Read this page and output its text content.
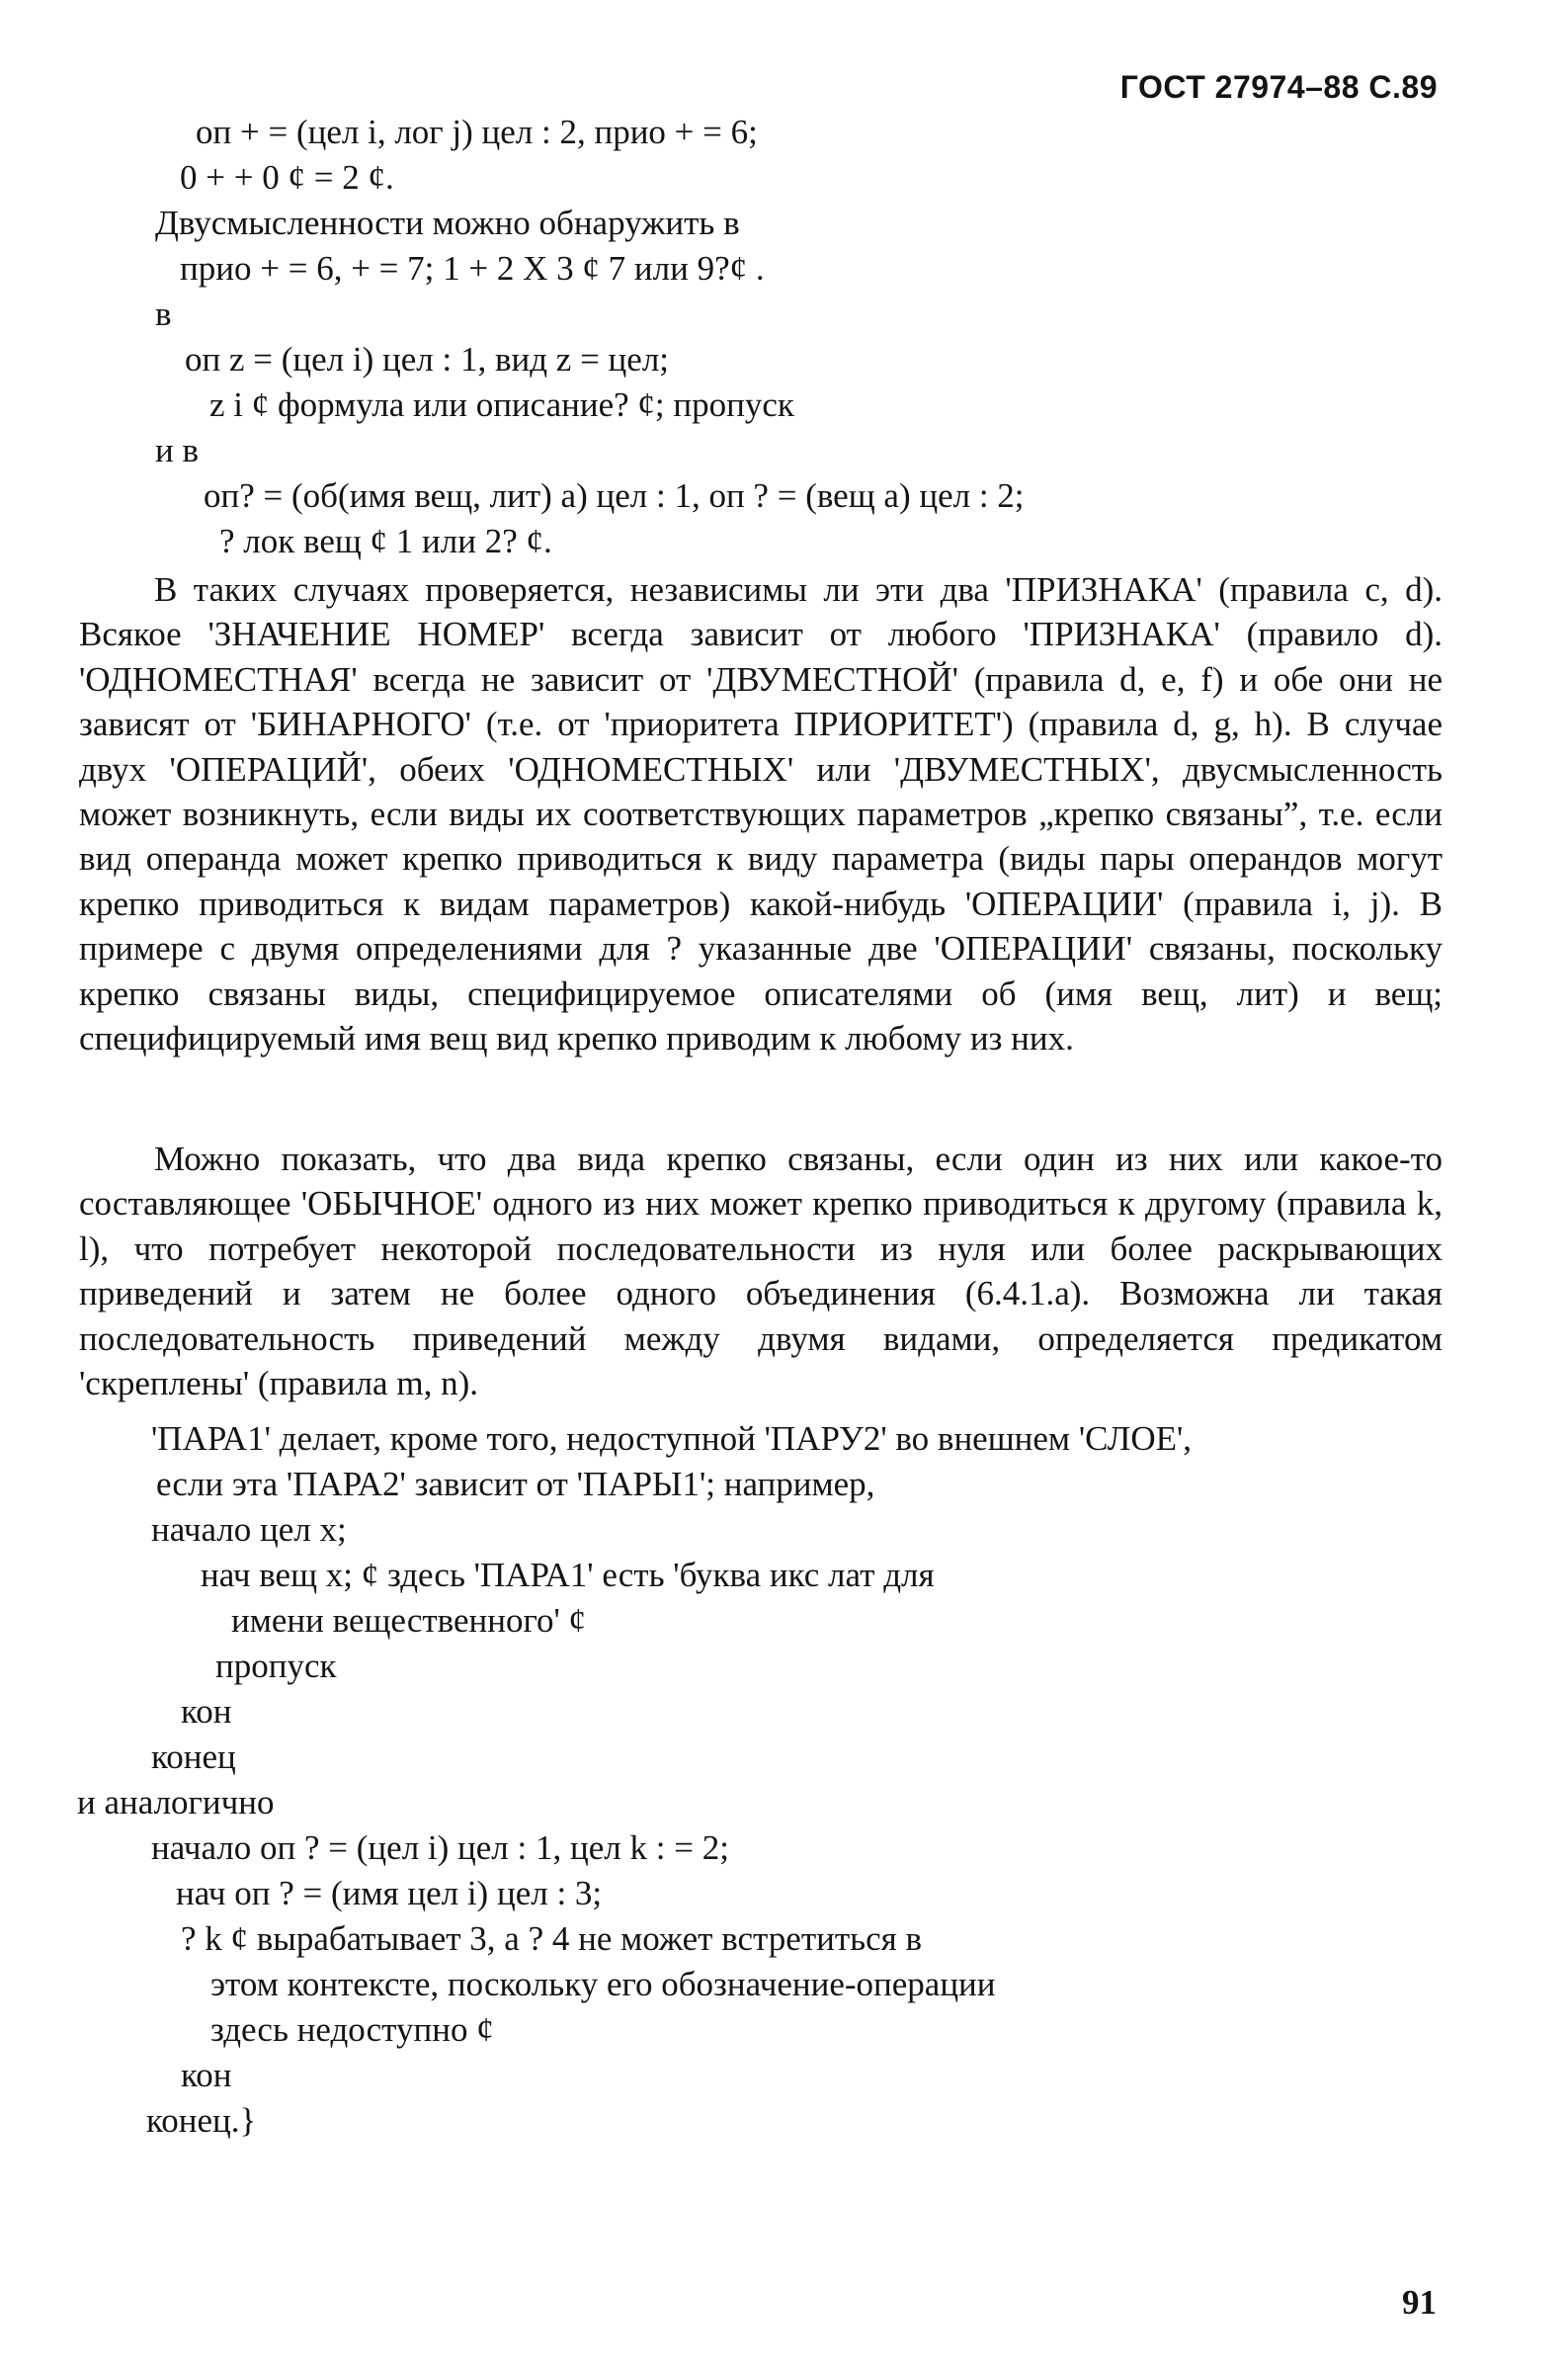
ГОСТ 27974–88 С.89
оп + = (цел i, лог j) цел : 2, прио + = 6;
0 + + 0 ¢ = 2 ¢.
Двусмысленности можно обнаружить в
прио + = 6, + = 7; 1 + 2 X 3 ¢ 7 или 9?¢ .
в
оп z = (цел i) цел : 1, вид z = цел;
z i ¢ формула или описание? ¢; пропуск
и в
оп? = (об(имя вещ, лит) а) цел : 1, оп ? = (вещ а) цел : 2;
? лок вещ ¢ 1 или 2? ¢.

В таких случаях проверяется, независимы ли эти два 'ПРИЗНАКА' (правила с, d). Всякое 'ЗНАЧЕНИЕ НОМЕР' всегда зависит от любого 'ПРИЗНАКА' (правило d). 'ОДНОМЕСТНАЯ' всегда не зависит от 'ДВУМЕСТНОЙ' (правила d, e, f) и обе они не зависят от 'БИНАРНОГО' (т.е. от 'приоритета ПРИОРИТЕТ') (правила d, g, h). В случае двух 'ОПЕРАЦИЙ', обеих 'ОДНОМЕСТНЫХ' или 'ДВУМЕСТНЫХ', двусмысленность может возникнуть, если виды их соответствующих параметров „крепко связаны”, т.е. если вид операнда может крепко приводиться к виду параметра (виды пары операндов могут крепко приводиться к видам параметров) какой-нибудь 'ОПЕРАЦИИ' (правила i, j). В примере с двумя определениями для ? указанные две 'ОПЕРАЦИИ' связаны, поскольку крепко связаны виды, специфицируемое описателями об (имя вещ, лит) и вещ; специфицируемый имя вещ вид крепко приводим к любому из них.

Можно показать, что два вида крепко связаны, если один из них или какое-то составляющее 'ОБЫЧНОЕ' одного из них может крепко приводиться к другому (правила k, l), что потребует некоторой последовательности из нуля или более раскрывающих приведений и затем не более одного объединения (6.4.1.a). Возможна ли такая последовательность приведений между двумя видами, определяется предикатом 'скреплены' (правила m, n).

'ПАРА1' делает, кроме того, недоступной 'ПАРУ2' во внешнем 'СЛОЕ',
если эта 'ПАРА2' зависит от 'ПАРЫ1'; например,
начало цел x;
нач вещ x; ¢ здесь 'ПАРА1' есть 'буква икс лат для
имени вещественного' ¢
пропуск
кон
конец
и аналогично
начало оп ? = (цел i) цел : 1, цел k : = 2;
нач оп ? = (имя цел i) цел : 3;
? k ¢ вырабатывает 3, а ? 4 не может встретиться в
этом контексте, поскольку его обозначение-операции
здесь недоступно ¢
кон
конец.}
91
